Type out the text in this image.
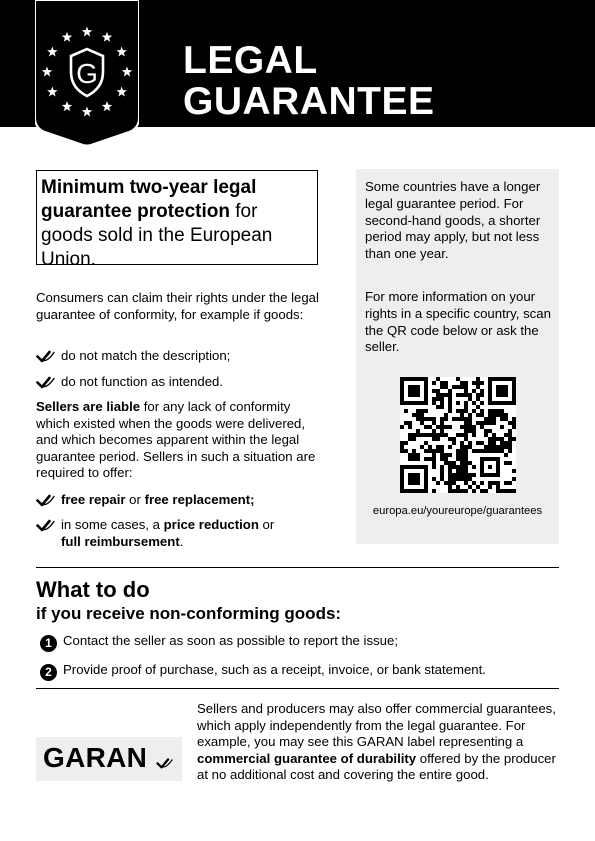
G LEGAL
GUARANTEE
Minimum two-year legal guarantee protection for goods sold in the European Union.
Consumers can claim their rights under the legal guarantee of conformity, for example if goods:
do not match the description;
do not function as intended.
Sellers are liable for any lack of conformity which existed when the goods were delivered, and which becomes apparent within the legal guarantee period. Sellers in such a situation are required to offer:
free repair or free replacement;
in some cases, a price reduction or
full reimbursement.

Some countries have a longer legal guarantee period. For second-hand goods, a shorter period may apply, but not less than one year.

For more information on your rights in a specific country, scan the QR code below or ask the seller.

europa.eu/youreurope/guarantees
What to do
if you receive non-conforming goods:
1 Contact the seller as soon as possible to report the issue;
2 Provide proof of purchase, such as a receipt, invoice, or bank statement.
GARAN
Sellers and producers may also offer commercial guarantees, which apply independently from the legal guarantee. For example, you may see this GARAN label representing a commercial guarantee of durability offered by the producer at no additional cost and covering the entire good.
